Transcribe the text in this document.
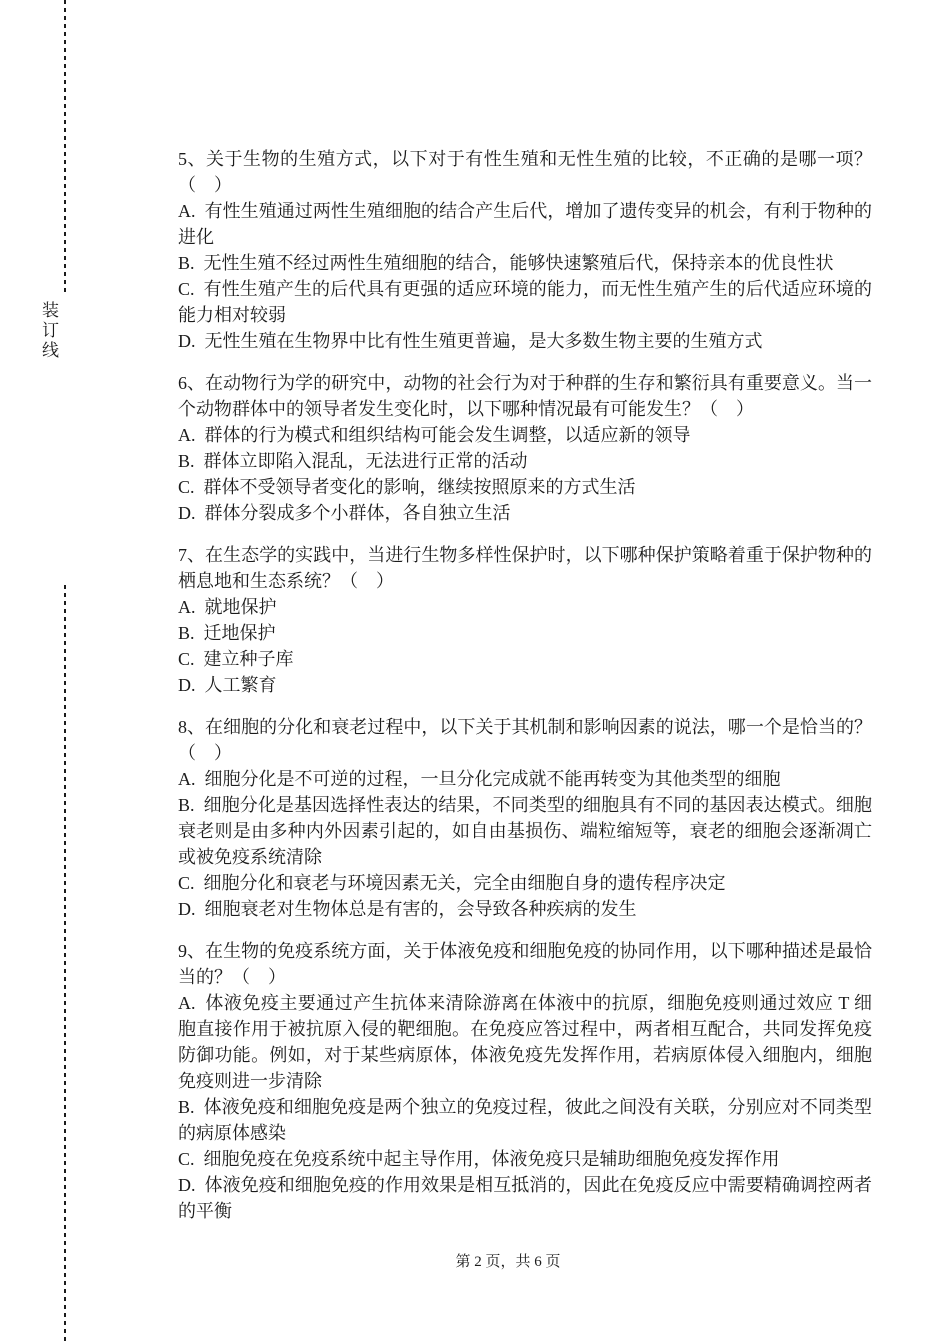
装订线

5、关于生物的生殖方式，以下对于有性生殖和无性生殖的比较，不正确的是哪一项？（　）

A.  有性生殖通过两性生殖细胞的结合产生后代，增加了遗传变异的机会，有利于物种的进化

B.  无性生殖不经过两性生殖细胞的结合，能够快速繁殖后代，保持亲本的优良性状

C.  有性生殖产生的后代具有更强的适应环境的能力，而无性生殖产生的后代适应环境的能力相对较弱

D.  无性生殖在生物界中比有性生殖更普遍，是大多数生物主要的生殖方式

6、在动物行为学的研究中，动物的社会行为对于种群的生存和繁衍具有重要意义。当一个动物群体中的领导者发生变化时，以下哪种情况最有可能发生？（　）

A.  群体的行为模式和组织结构可能会发生调整，以适应新的领导

B.  群体立即陷入混乱，无法进行正常的活动

C.  群体不受领导者变化的影响，继续按照原来的方式生活

D.  群体分裂成多个小群体，各自独立生活

7、在生态学的实践中，当进行生物多样性保护时，以下哪种保护策略着重于保护物种的栖息地和生态系统？（　）

A.  就地保护

B.  迁地保护

C.  建立种子库

D.  人工繁育

8、在细胞的分化和衰老过程中，以下关于其机制和影响因素的说法，哪一个是恰当的？（　）

A.  细胞分化是不可逆的过程，一旦分化完成就不能再转变为其他类型的细胞

B.  细胞分化是基因选择性表达的结果，不同类型的细胞具有不同的基因表达模式。细胞衰老则是由多种内外因素引起的，如自由基损伤、端粒缩短等，衰老的细胞会逐渐凋亡或被免疫系统清除

C.  细胞分化和衰老与环境因素无关，完全由细胞自身的遗传程序决定

D.  细胞衰老对生物体总是有害的，会导致各种疾病的发生

9、在生物的免疫系统方面，关于体液免疫和细胞免疫的协同作用，以下哪种描述是最恰当的？（　）

A.  体液免疫主要通过产生抗体来清除游离在体液中的抗原，细胞免疫则通过效应 T 细胞直接作用于被抗原入侵的靶细胞。在免疫应答过程中，两者相互配合，共同发挥免疫防御功能。例如，对于某些病原体，体液免疫先发挥作用，若病原体侵入细胞内，细胞免疫则进一步清除

B.  体液免疫和细胞免疫是两个独立的免疫过程，彼此之间没有关联，分别应对不同类型的病原体感染

C.  细胞免疫在免疫系统中起主导作用，体液免疫只是辅助细胞免疫发挥作用

D.  体液免疫和细胞免疫的作用效果是相互抵消的，因此在免疫反应中需要精确调控两者的平衡

第 2 页，共 6 页
